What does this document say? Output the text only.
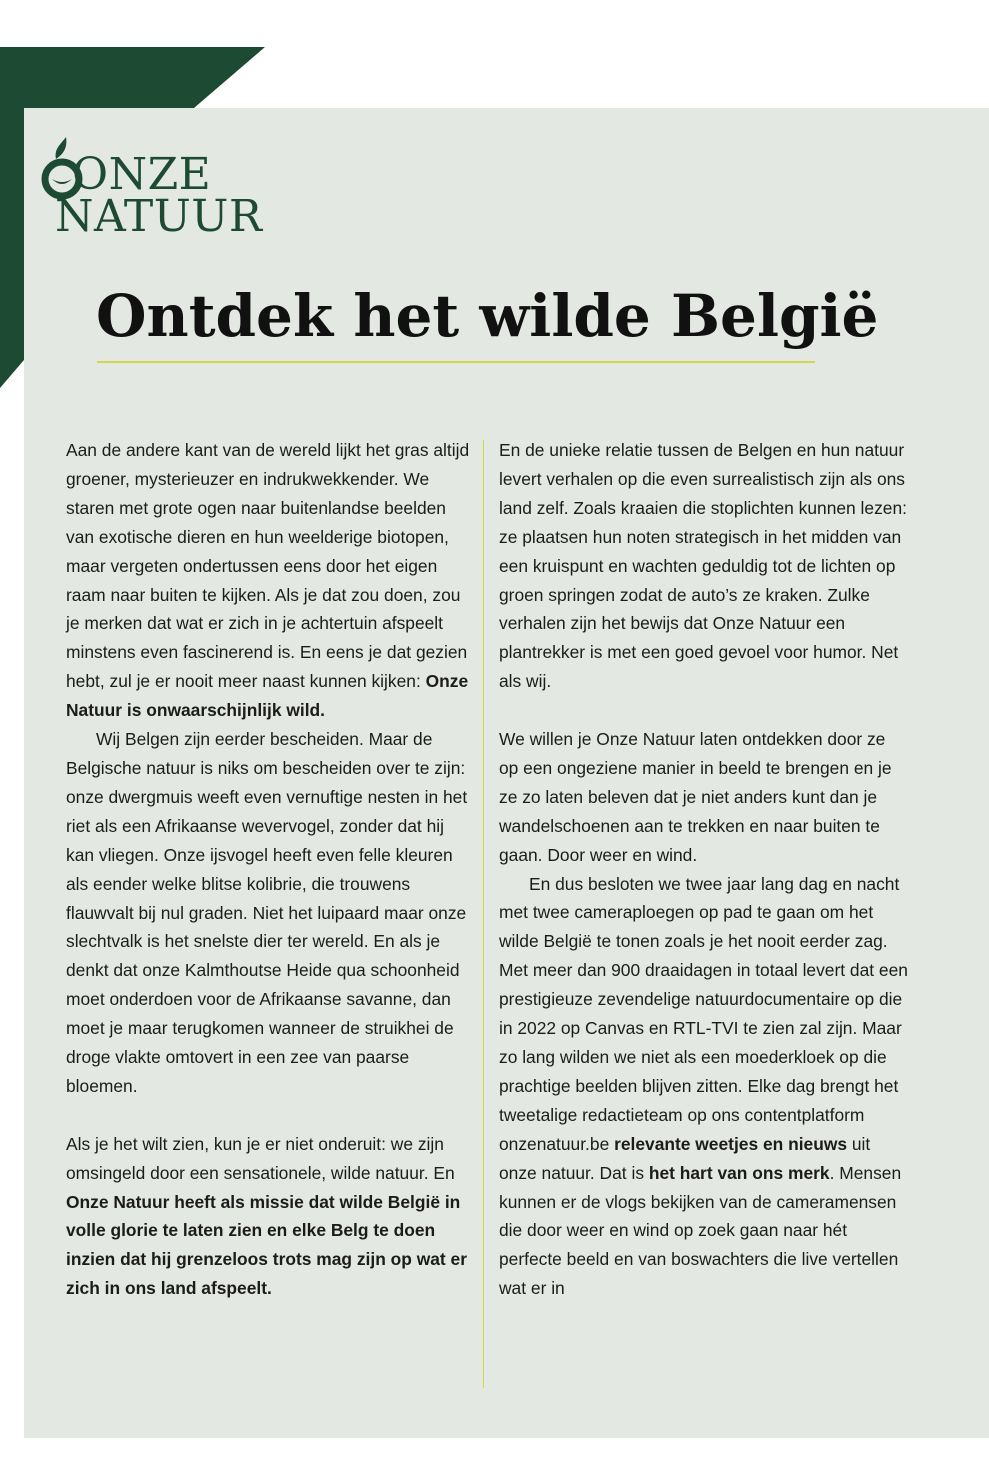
ONZE
NATUUR
Ontdek het wilde België

Aan de andere kant van de wereld lijkt het gras altijd groener, mysterieuzer en indrukwekkender. We staren met grote ogen naar buitenlandse beelden van exotische dieren en hun weelderige biotopen, maar vergeten ondertussen eens door het eigen raam naar buiten te kijken. Als je dat zou doen, zou je merken dat wat er zich in je achtertuin afspeelt minstens even fascinerend is. En eens je dat gezien hebt, zul je er nooit meer naast kunnen kijken: Onze Natuur is onwaarschijnlijk wild.

Wij Belgen zijn eerder bescheiden. Maar de Belgische natuur is niks om bescheiden over te zijn: onze dwergmuis weeft even vernuftige nesten in het riet als een Afrikaanse wevervogel, zonder dat hij kan vliegen. Onze ijsvogel heeft even felle kleuren als eender welke blitse kolibrie, die trouwens flauwvalt bij nul graden. Niet het luipaard maar onze slechtvalk is het snelste dier ter wereld. En als je denkt dat onze Kalmthoutse Heide qua schoonheid moet onderdoen voor de Afrikaanse savanne, dan moet je maar terugkomen wanneer de struikhei de droge vlakte omtovert in een zee van paarse bloemen.

Als je het wilt zien, kun je er niet onderuit: we zijn omsingeld door een sensationele, wilde natuur. En Onze Natuur heeft als missie dat wilde België in volle glorie te laten zien en elke Belg te doen inzien dat hij grenzeloos trots mag zijn op wat er zich in ons land afspeelt.

En de unieke relatie tussen de Belgen en hun natuur levert verhalen op die even surrealistisch zijn als ons land zelf. Zoals kraaien die stoplichten kunnen lezen: ze plaatsen hun noten strategisch in het midden van een kruispunt en wachten geduldig tot de lichten op groen springen zodat de auto’s ze kraken. Zulke verhalen zijn het bewijs dat Onze Natuur een plantrekker is met een goed gevoel voor humor. Net als wij.

We willen je Onze Natuur laten ontdekken door ze op een ongeziene manier in beeld te brengen en je ze zo laten beleven dat je niet anders kunt dan je wandelschoenen aan te trekken en naar buiten te gaan. Door weer en wind.

En dus besloten we twee jaar lang dag en nacht met twee cameraploegen op pad te gaan om het wilde België te tonen zoals je het nooit eerder zag. Met meer dan 900 draaidagen in totaal levert dat een prestigieuze zevendelige natuurdocumentaire op die in 2022 op Canvas en RTL-TVI te zien zal zijn. Maar zo lang wilden we niet als een moederkloek op die prachtige beelden blijven zitten. Elke dag brengt het tweetalige redactieteam op ons contentplatform onzenatuur.be relevante weetjes en nieuws uit onze natuur. Dat is het hart van ons merk. Mensen kunnen er de vlogs bekijken van de cameramensen die door weer en wind op zoek gaan naar hét perfecte beeld en van boswachters die live vertellen wat er in
